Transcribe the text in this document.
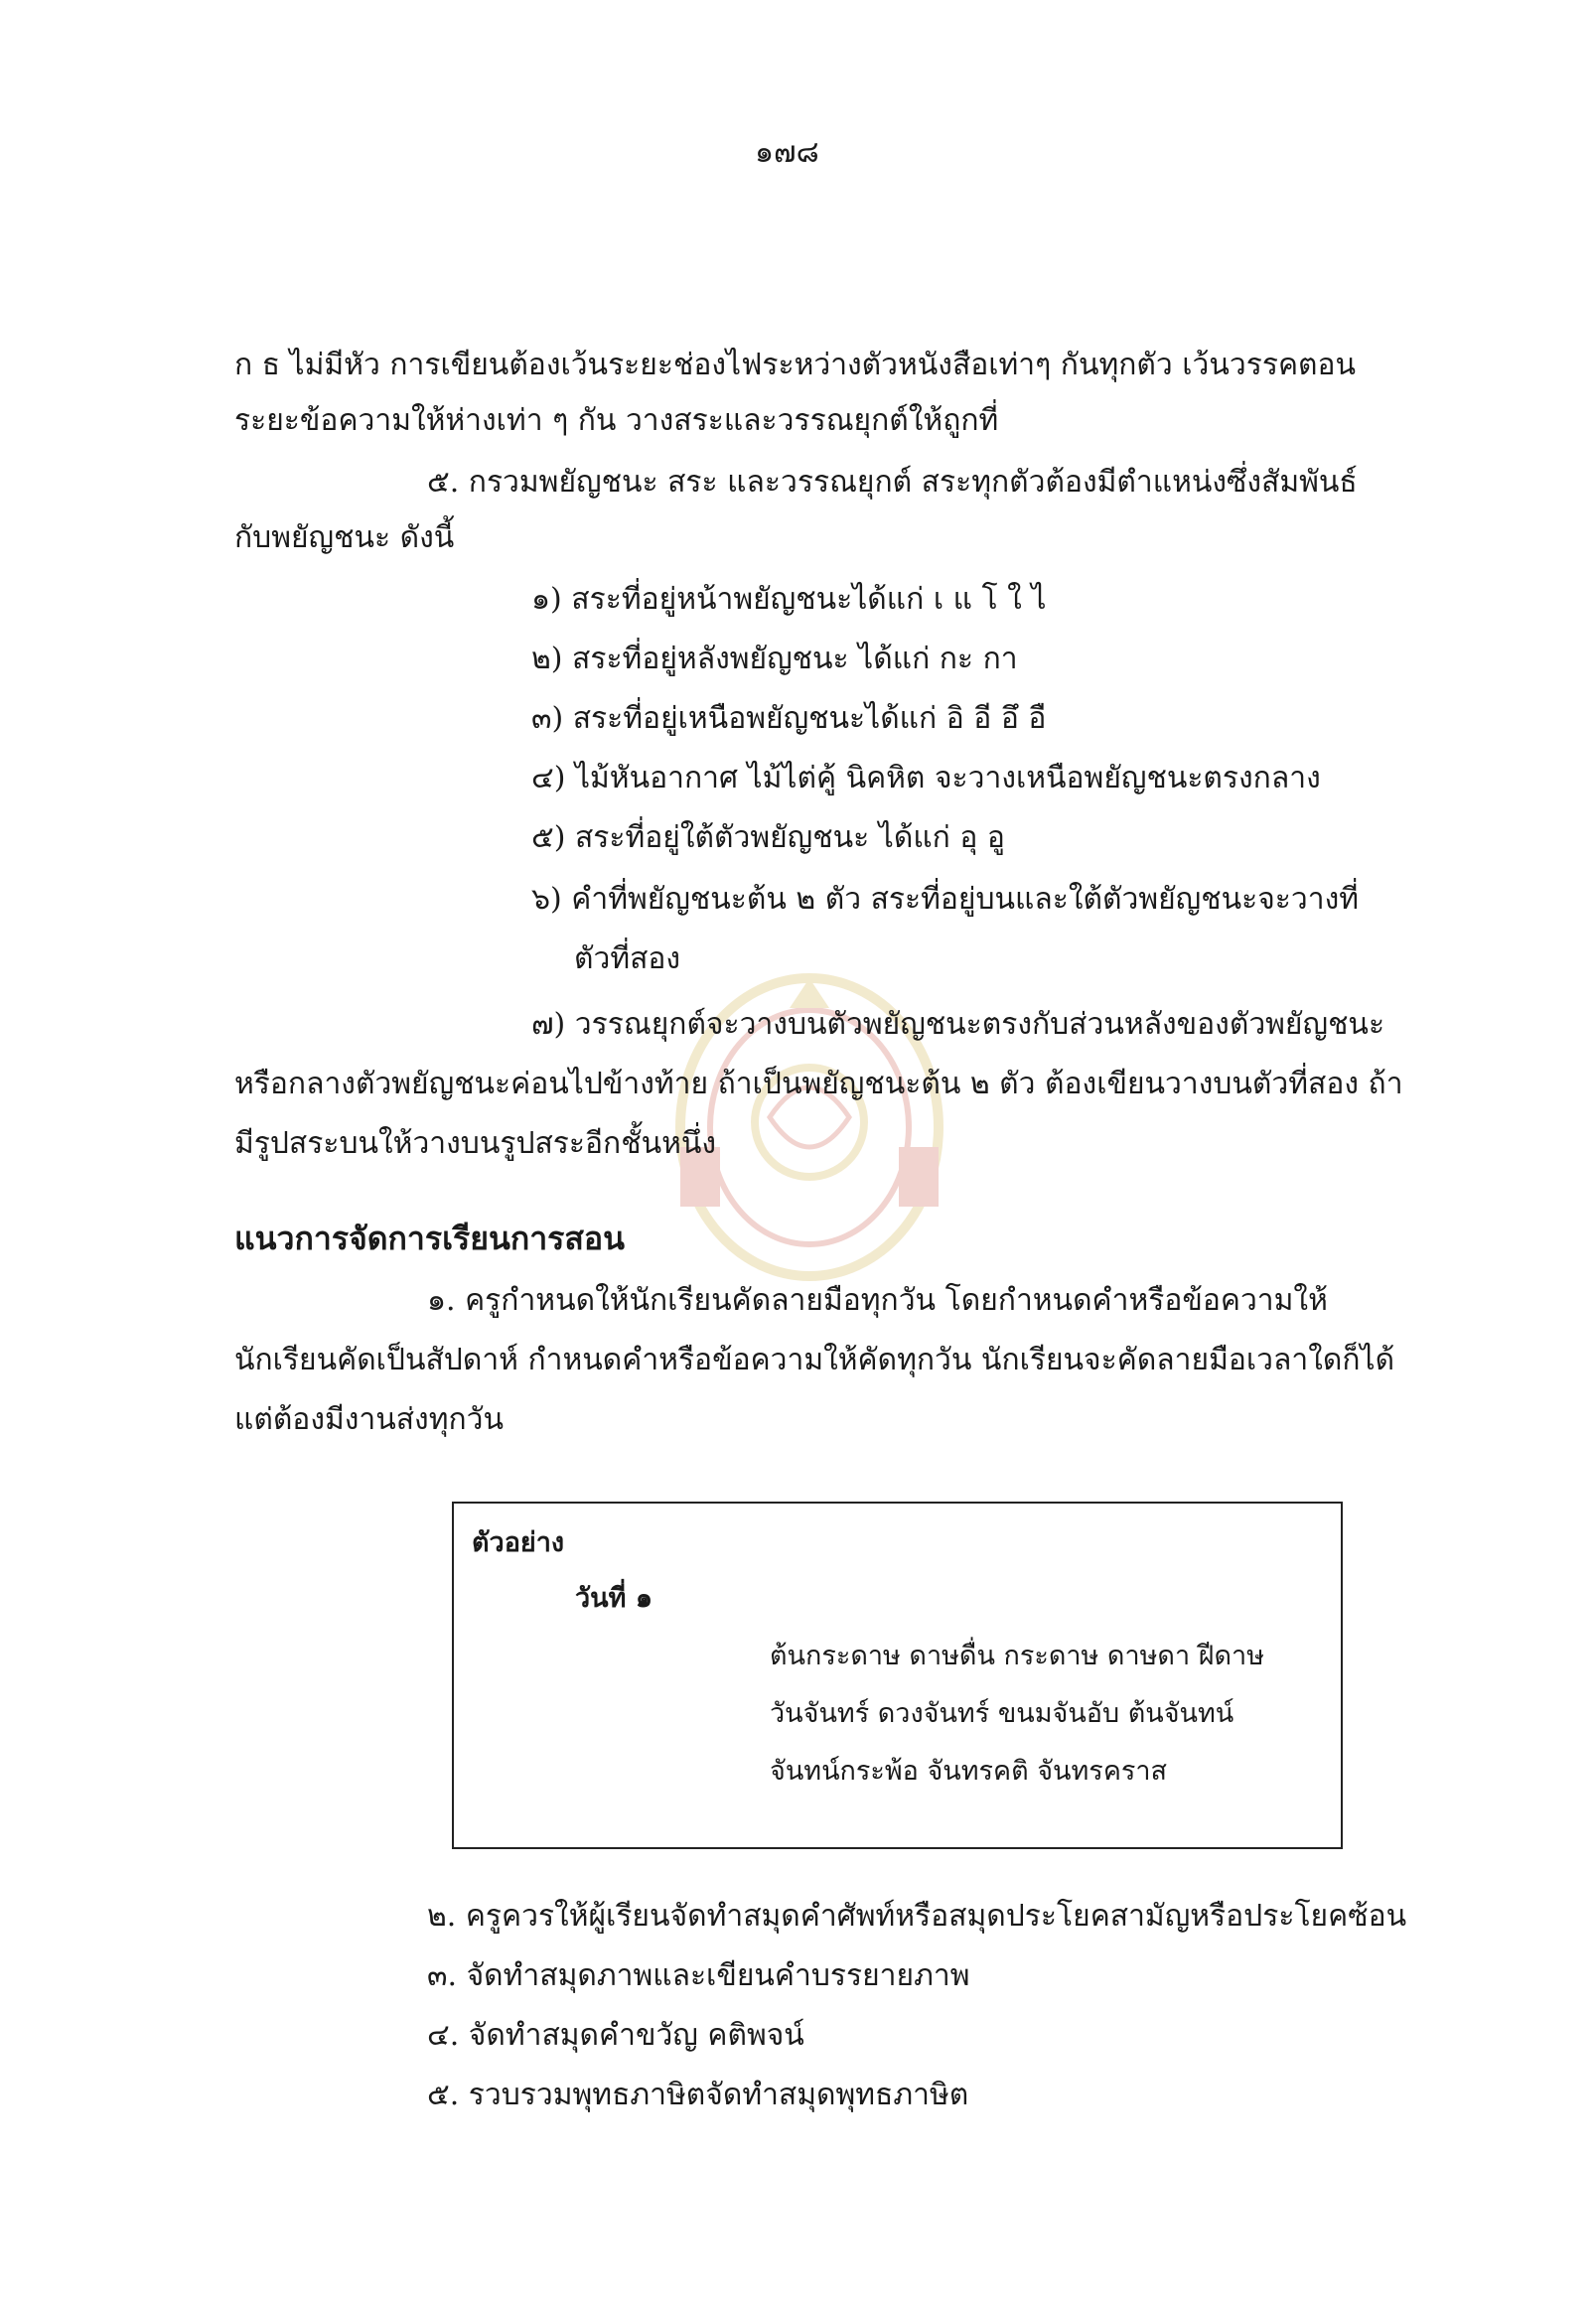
๑๗๘
ก ธ ไม่มีหัว การเขียนต้องเว้นระยะช่องไฟระหว่างตัวหนังสือเท่าๆ กันทุกตัว เว้นวรรคตอน
ระยะข้อความให้ห่างเท่า ๆ กัน วางสระและวรรณยุกต์ให้ถูกที่
๕. กรวมพยัญชนะ สระ และวรรณยุกต์ สระทุกตัวต้องมีตำแหน่งซึ่งสัมพันธ์
กับพยัญชนะ ดังนี้
๑) สระที่อยู่หน้าพยัญชนะได้แก่ เ แ โ ใ ไ
๒) สระที่อยู่หลังพยัญชนะ ได้แก่ กะ กา
๓) สระที่อยู่เหนือพยัญชนะได้แก่ อิ อี อึ อื
๔) ไม้หันอากาศ ไม้ไต่คู้ นิคหิต จะวางเหนือพยัญชนะตรงกลาง
๕) สระที่อยู่ใต้ตัวพยัญชนะ ได้แก่ อุ อู
๖) คำที่พยัญชนะต้น ๒ ตัว สระที่อยู่บนและใต้ตัวพยัญชนะจะวางที่
ตัวที่สอง
๗) วรรณยุกต์จะวางบนตัวพยัญชนะตรงกับส่วนหลังของตัวพยัญชนะ
หรือกลางตัวพยัญชนะค่อนไปข้างท้าย ถ้าเป็นพยัญชนะต้น ๒ ตัว ต้องเขียนวางบนตัวที่สอง ถ้า
มีรูปสระบนให้วางบนรูปสระอีกชั้นหนึ่ง
แนวการจัดการเรียนการสอน
๑. ครูกำหนดให้นักเรียนคัดลายมือทุกวัน โดยกำหนดคำหรือข้อความให้
นักเรียนคัดเป็นสัปดาห์ กำหนดคำหรือข้อความให้คัดทุกวัน นักเรียนจะคัดลายมือเวลาใดก็ได้
แต่ต้องมีงานส่งทุกวัน
ตัวอย่าง
วันที่ ๑
ต้นกระดาษ ดาษดื่น กระดาษ ดาษดา ฝีดาษ
วันจันทร์ ดวงจันทร์ ขนมจันอับ ต้นจันทน์
จันทน์กระพ้อ จันทรคติ จันทรคราส
๒. ครูควรให้ผู้เรียนจัดทำสมุดคำศัพท์หรือสมุดประโยคสามัญหรือประโยคซ้อน
๓. จัดทำสมุดภาพและเขียนคำบรรยายภาพ
๔. จัดทำสมุดคำขวัญ คติพจน์
๕. รวบรวมพุทธภาษิตจัดทำสมุดพุทธภาษิต
